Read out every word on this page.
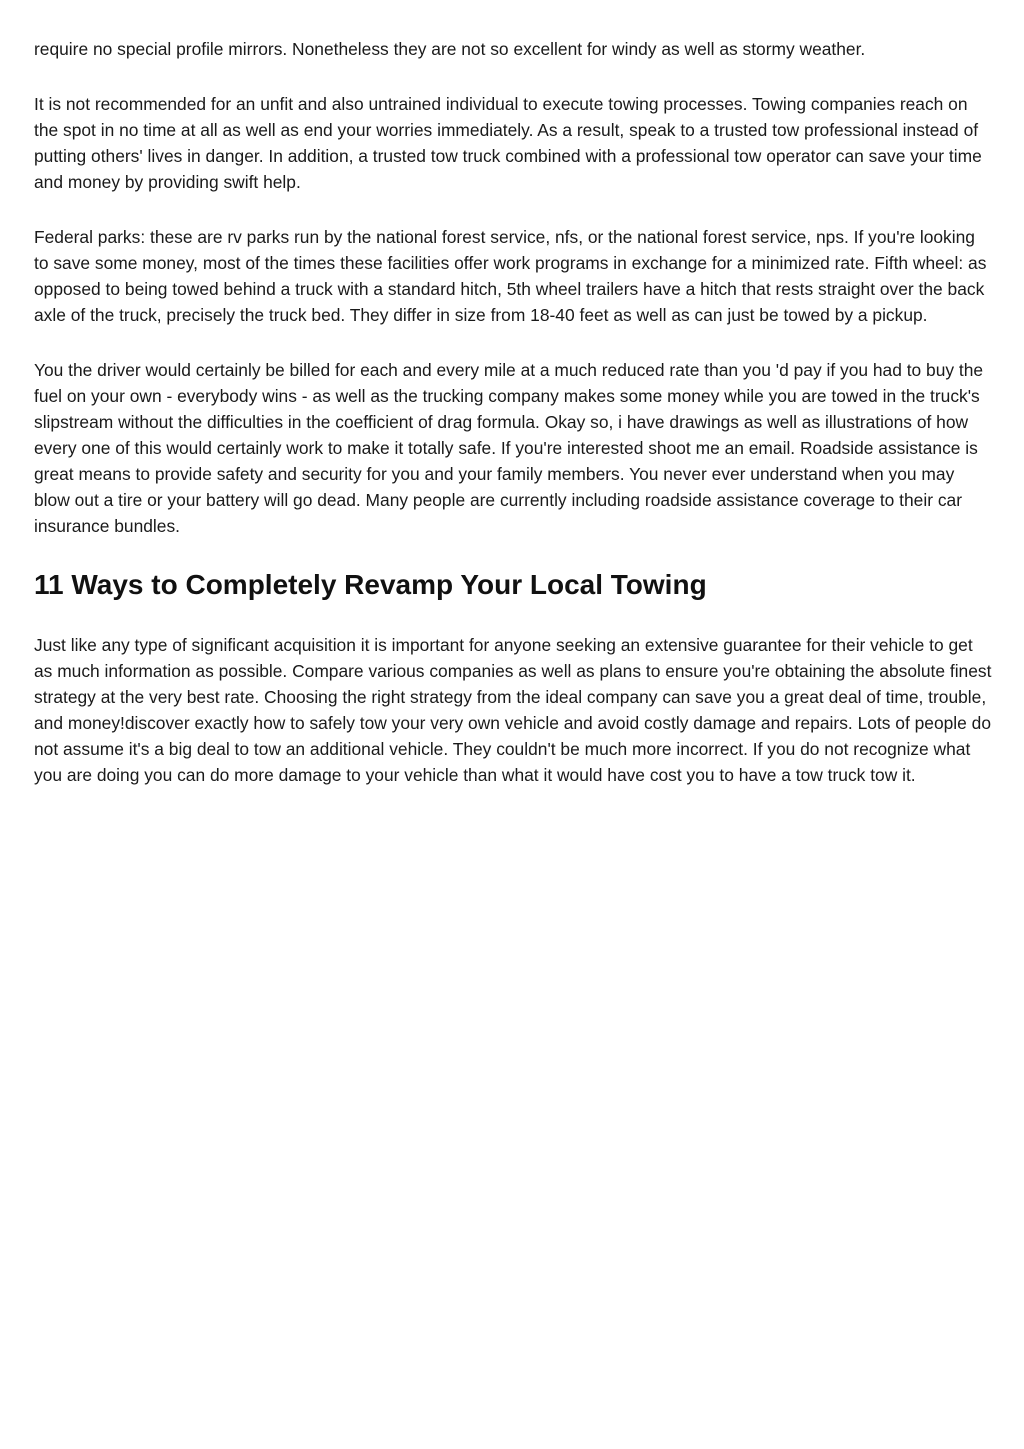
require no special profile mirrors. Nonetheless they are not so excellent for windy as well as stormy weather.

It is not recommended for an unfit and also untrained individual to execute towing processes. Towing companies reach on the spot in no time at all as well as end your worries immediately. As a result, speak to a trusted tow professional instead of putting others' lives in danger. In addition, a trusted tow truck combined with a professional tow operator can save your time and money by providing swift help.

Federal parks: these are rv parks run by the national forest service, nfs, or the national forest service, nps. If you're looking to save some money, most of the times these facilities offer work programs in exchange for a minimized rate. Fifth wheel: as opposed to being towed behind a truck with a standard hitch, 5th wheel trailers have a hitch that rests straight over the back axle of the truck, precisely the truck bed. They differ in size from 18-40 feet as well as can just be towed by a pickup.

You the driver would certainly be billed for each and every mile at a much reduced rate than you 'd pay if you had to buy the fuel on your own - everybody wins - as well as the trucking company makes some money while you are towed in the truck's slipstream without the difficulties in the coefficient of drag formula. Okay so, i have drawings as well as illustrations of how every one of this would certainly work to make it totally safe. If you're interested shoot me an email. Roadside assistance is great means to provide safety and security for you and your family members. You never ever understand when you may blow out a tire or your battery will go dead. Many people are currently including roadside assistance coverage to their car insurance bundles.

11 Ways to Completely Revamp Your Local Towing

Just like any type of significant acquisition it is important for anyone seeking an extensive guarantee for their vehicle to get as much information as possible. Compare various companies as well as plans to ensure you're obtaining the absolute finest strategy at the very best rate. Choosing the right strategy from the ideal company can save you a great deal of time, trouble, and money!discover exactly how to safely tow your very own vehicle and avoid costly damage and repairs. Lots of people do not assume it's a big deal to tow an additional vehicle. They couldn't be much more incorrect. If you do not recognize what you are doing you can do more damage to your vehicle than what it would have cost you to have a tow truck tow it.
